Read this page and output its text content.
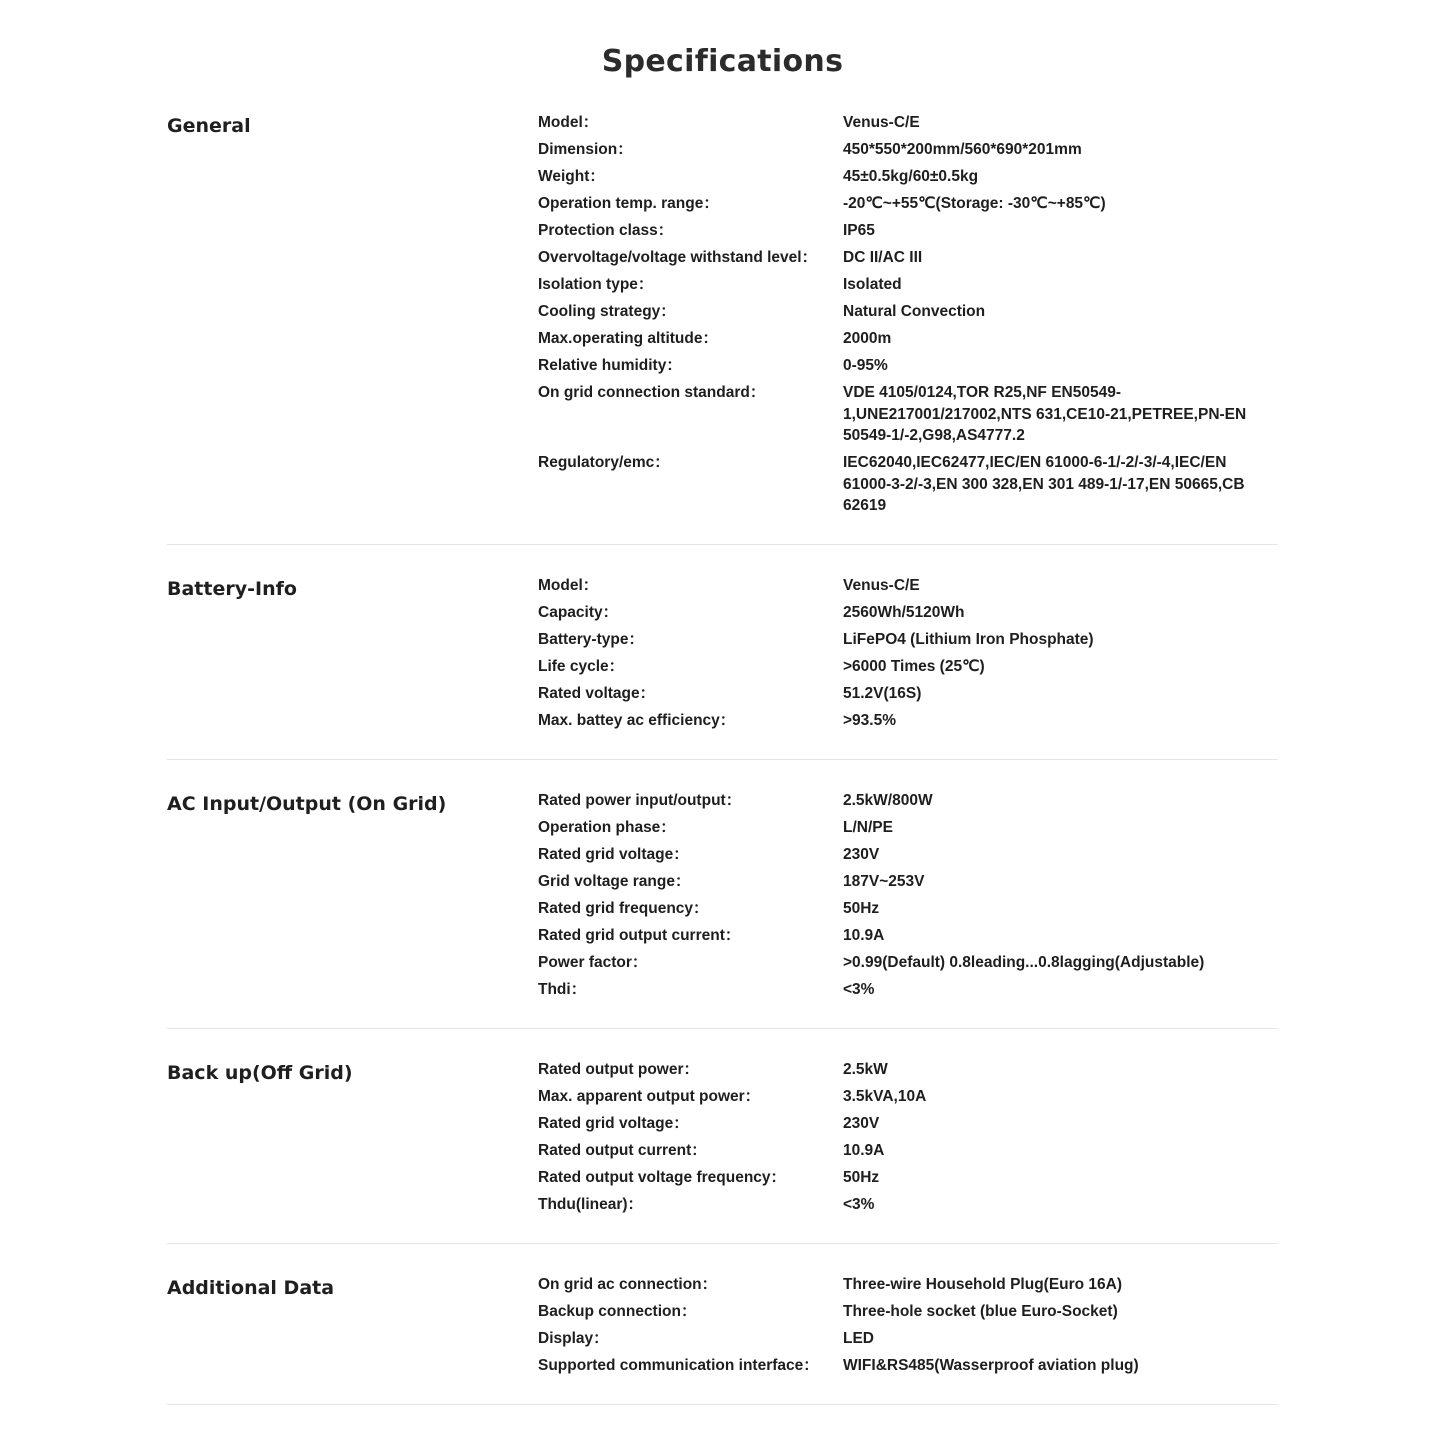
Specifications
General	Model：	Venus-C/E
Dimension：	450*550*200mm/560*690*201mm
Weight：	45±0.5kg/60±0.5kg
Operation temp. range：	-20℃~+55℃(Storage: -30℃~+85℃)
Protection class：	IP65
Overvoltage/voltage withstand level：	DC II/AC III
Isolation type：	Isolated
Cooling strategy：	Natural Convection
Max.operating altitude：	2000m
Relative humidity：	0-95%
On grid connection standard：	VDE 4105/0124,TOR R25,NF EN50549-1,UNE217001/217002,NTS 631,CE10-21,PETREE,PN-EN 50549-1/-2,G98,AS4777.2
Regulatory/emc：	IEC62040,IEC62477,IEC/EN 61000-6-1/-2/-3/-4,IEC/EN 61000-3-2/-3,EN 300 328,EN 301 489-1/-17,EN 50665,CB 62619
Battery-Info	Model：	Venus-C/E
Capacity：	2560Wh/5120Wh
Battery-type：	LiFePO4 (Lithium Iron Phosphate)
Life cycle：	>6000 Times (25℃)
Rated voltage：	51.2V(16S)
Max. battey ac efficiency：	>93.5%
AC Input/Output (On Grid)	Rated power input/output：	2.5kW/800W
Operation phase：	L/N/PE
Rated grid voltage：	230V
Grid voltage range：	187V~253V
Rated grid frequency：	50Hz
Rated grid output current：	10.9A
Power factor：	>0.99(Default) 0.8leading...0.8lagging(Adjustable)
Thdi：	<3%
Back up(Off Grid)	Rated output power：	2.5kW
Max. apparent output power：	3.5kVA,10A
Rated grid voltage：	230V
Rated output current：	10.9A
Rated output voltage frequency：	50Hz
Thdu(linear)：	<3%
Additional Data	On grid ac connection：	Three-wire Household Plug(Euro 16A)
Backup connection：	Three-hole socket (blue Euro-Socket)
Display：	LED
Supported communication interface：	WIFI&RS485(Wasserproof aviation plug)
